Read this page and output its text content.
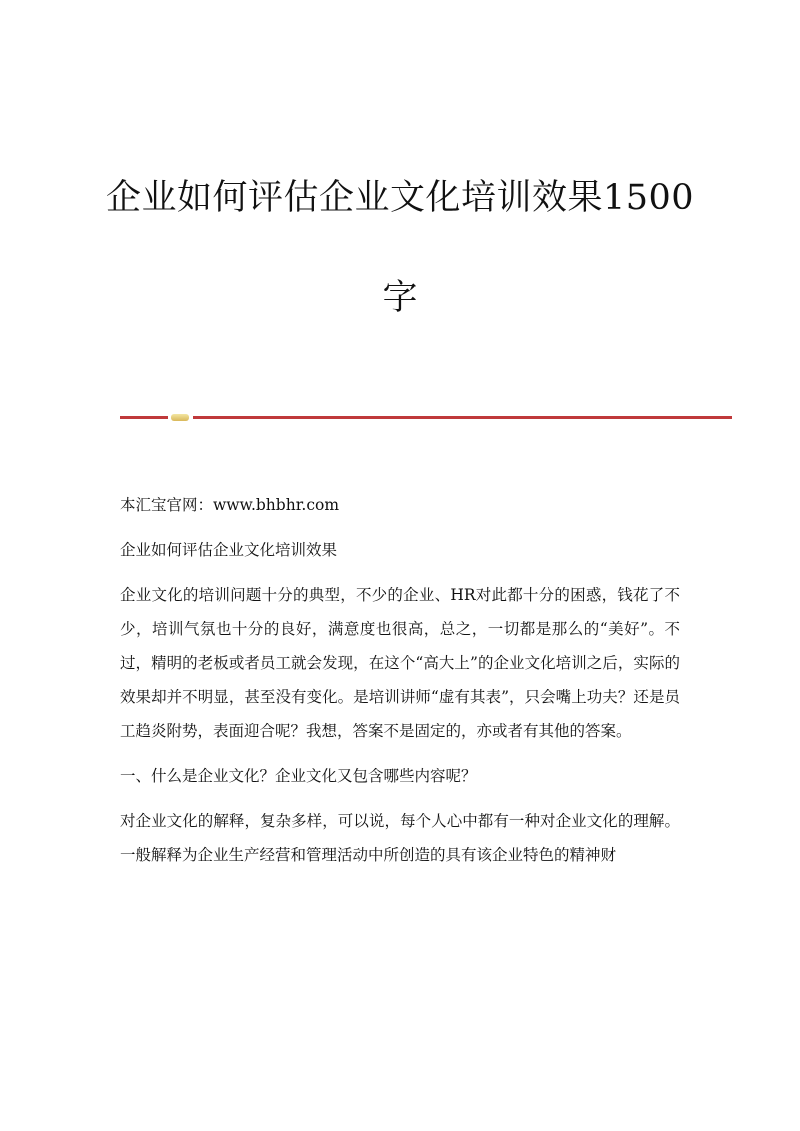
企业如何评估企业文化培训效果1500
字

本汇宝官网：www.bhbhr.com

企业如何评估企业文化培训效果

企业文化的培训问题十分的典型，不少的企业、HR对此都十分的困惑，钱花了不少，培训气氛也十分的良好，满意度也很高，总之，一切都是那么的“美好”。不过，精明的老板或者员工就会发现，在这个“高大上”的企业文化培训之后，实际的效果却并不明显，甚至没有变化。是培训讲师“虚有其表”，只会嘴上功夫？还是员工趋炎附势，表面迎合呢？我想，答案不是固定的，亦或者有其他的答案。

一、什么是企业文化？企业文化又包含哪些内容呢？

对企业文化的解释，复杂多样，可以说，每个人心中都有一种对企业文化的理解。一般解释为企业生产经营和管理活动中所创造的具有该企业特色的精神财
